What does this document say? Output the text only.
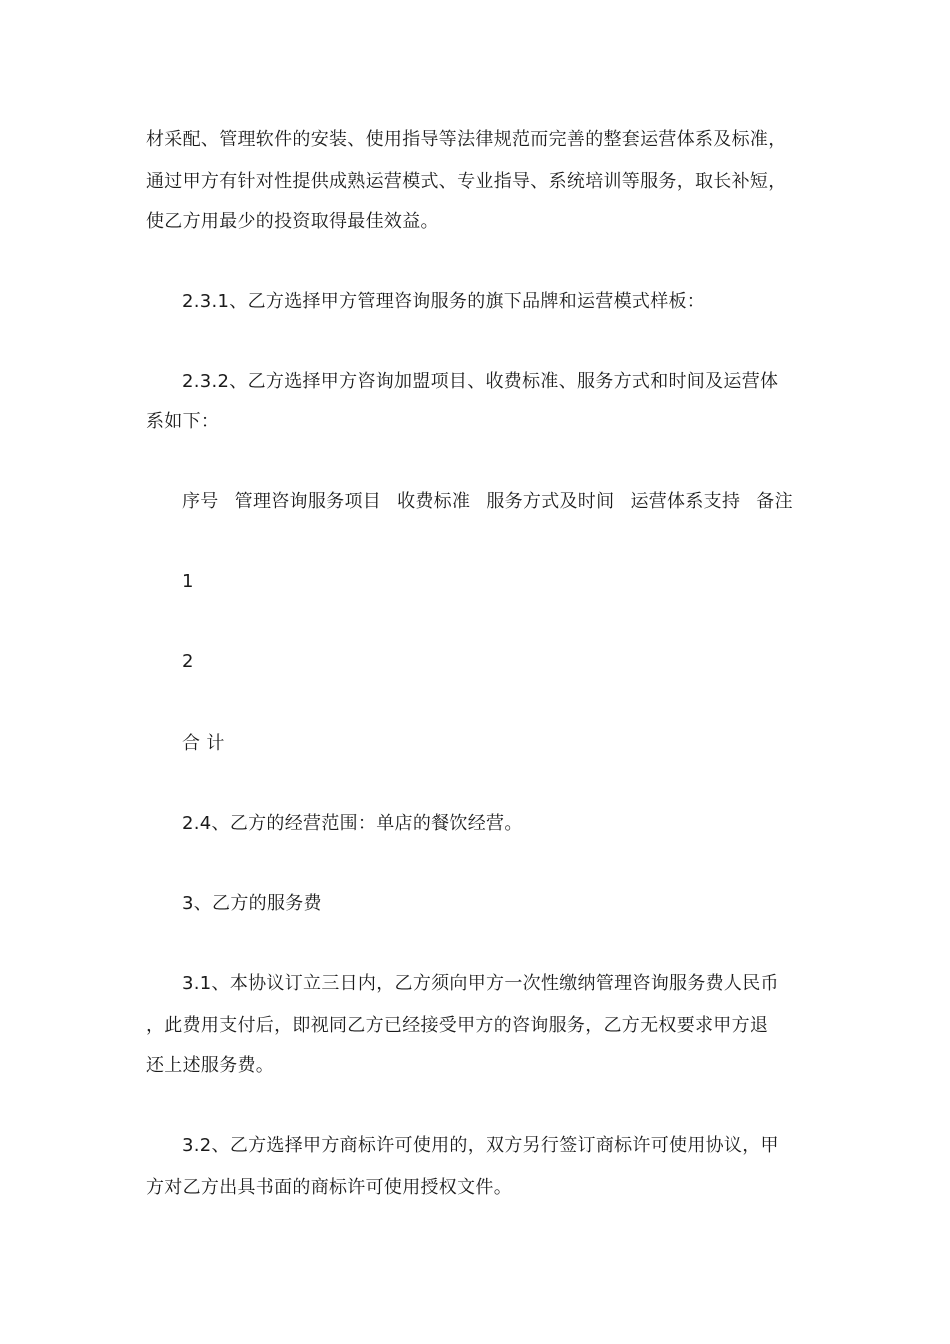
材采配、管理软件的安装、使用指导等法律规范而完善的整套运营体系及标准，
通过甲方有针对性提供成熟运营模式、专业指导、系统培训等服务，取长补短，
使乙方用最少的投资取得最佳效益。
2.3.1、乙方选择甲方管理咨询服务的旗下品牌和运营模式样板：
2.3.2、乙方选择甲方咨询加盟项目、收费标准、服务方式和时间及运营体
系如下：
序号 管理咨询服务项目 收费标准 服务方式及时间 运营体系支持 备注
1
2
合 计
2.4、乙方的经营范围：单店的餐饮经营。
3、乙方的服务费
3.1、本协议订立三日内，乙方须向甲方一次性缴纳管理咨询服务费人民币
，此费用支付后，即视同乙方已经接受甲方的咨询服务，乙方无权要求甲方退
还上述服务费。
3.2、乙方选择甲方商标许可使用的，双方另行签订商标许可使用协议，甲
方对乙方出具书面的商标许可使用授权文件。
